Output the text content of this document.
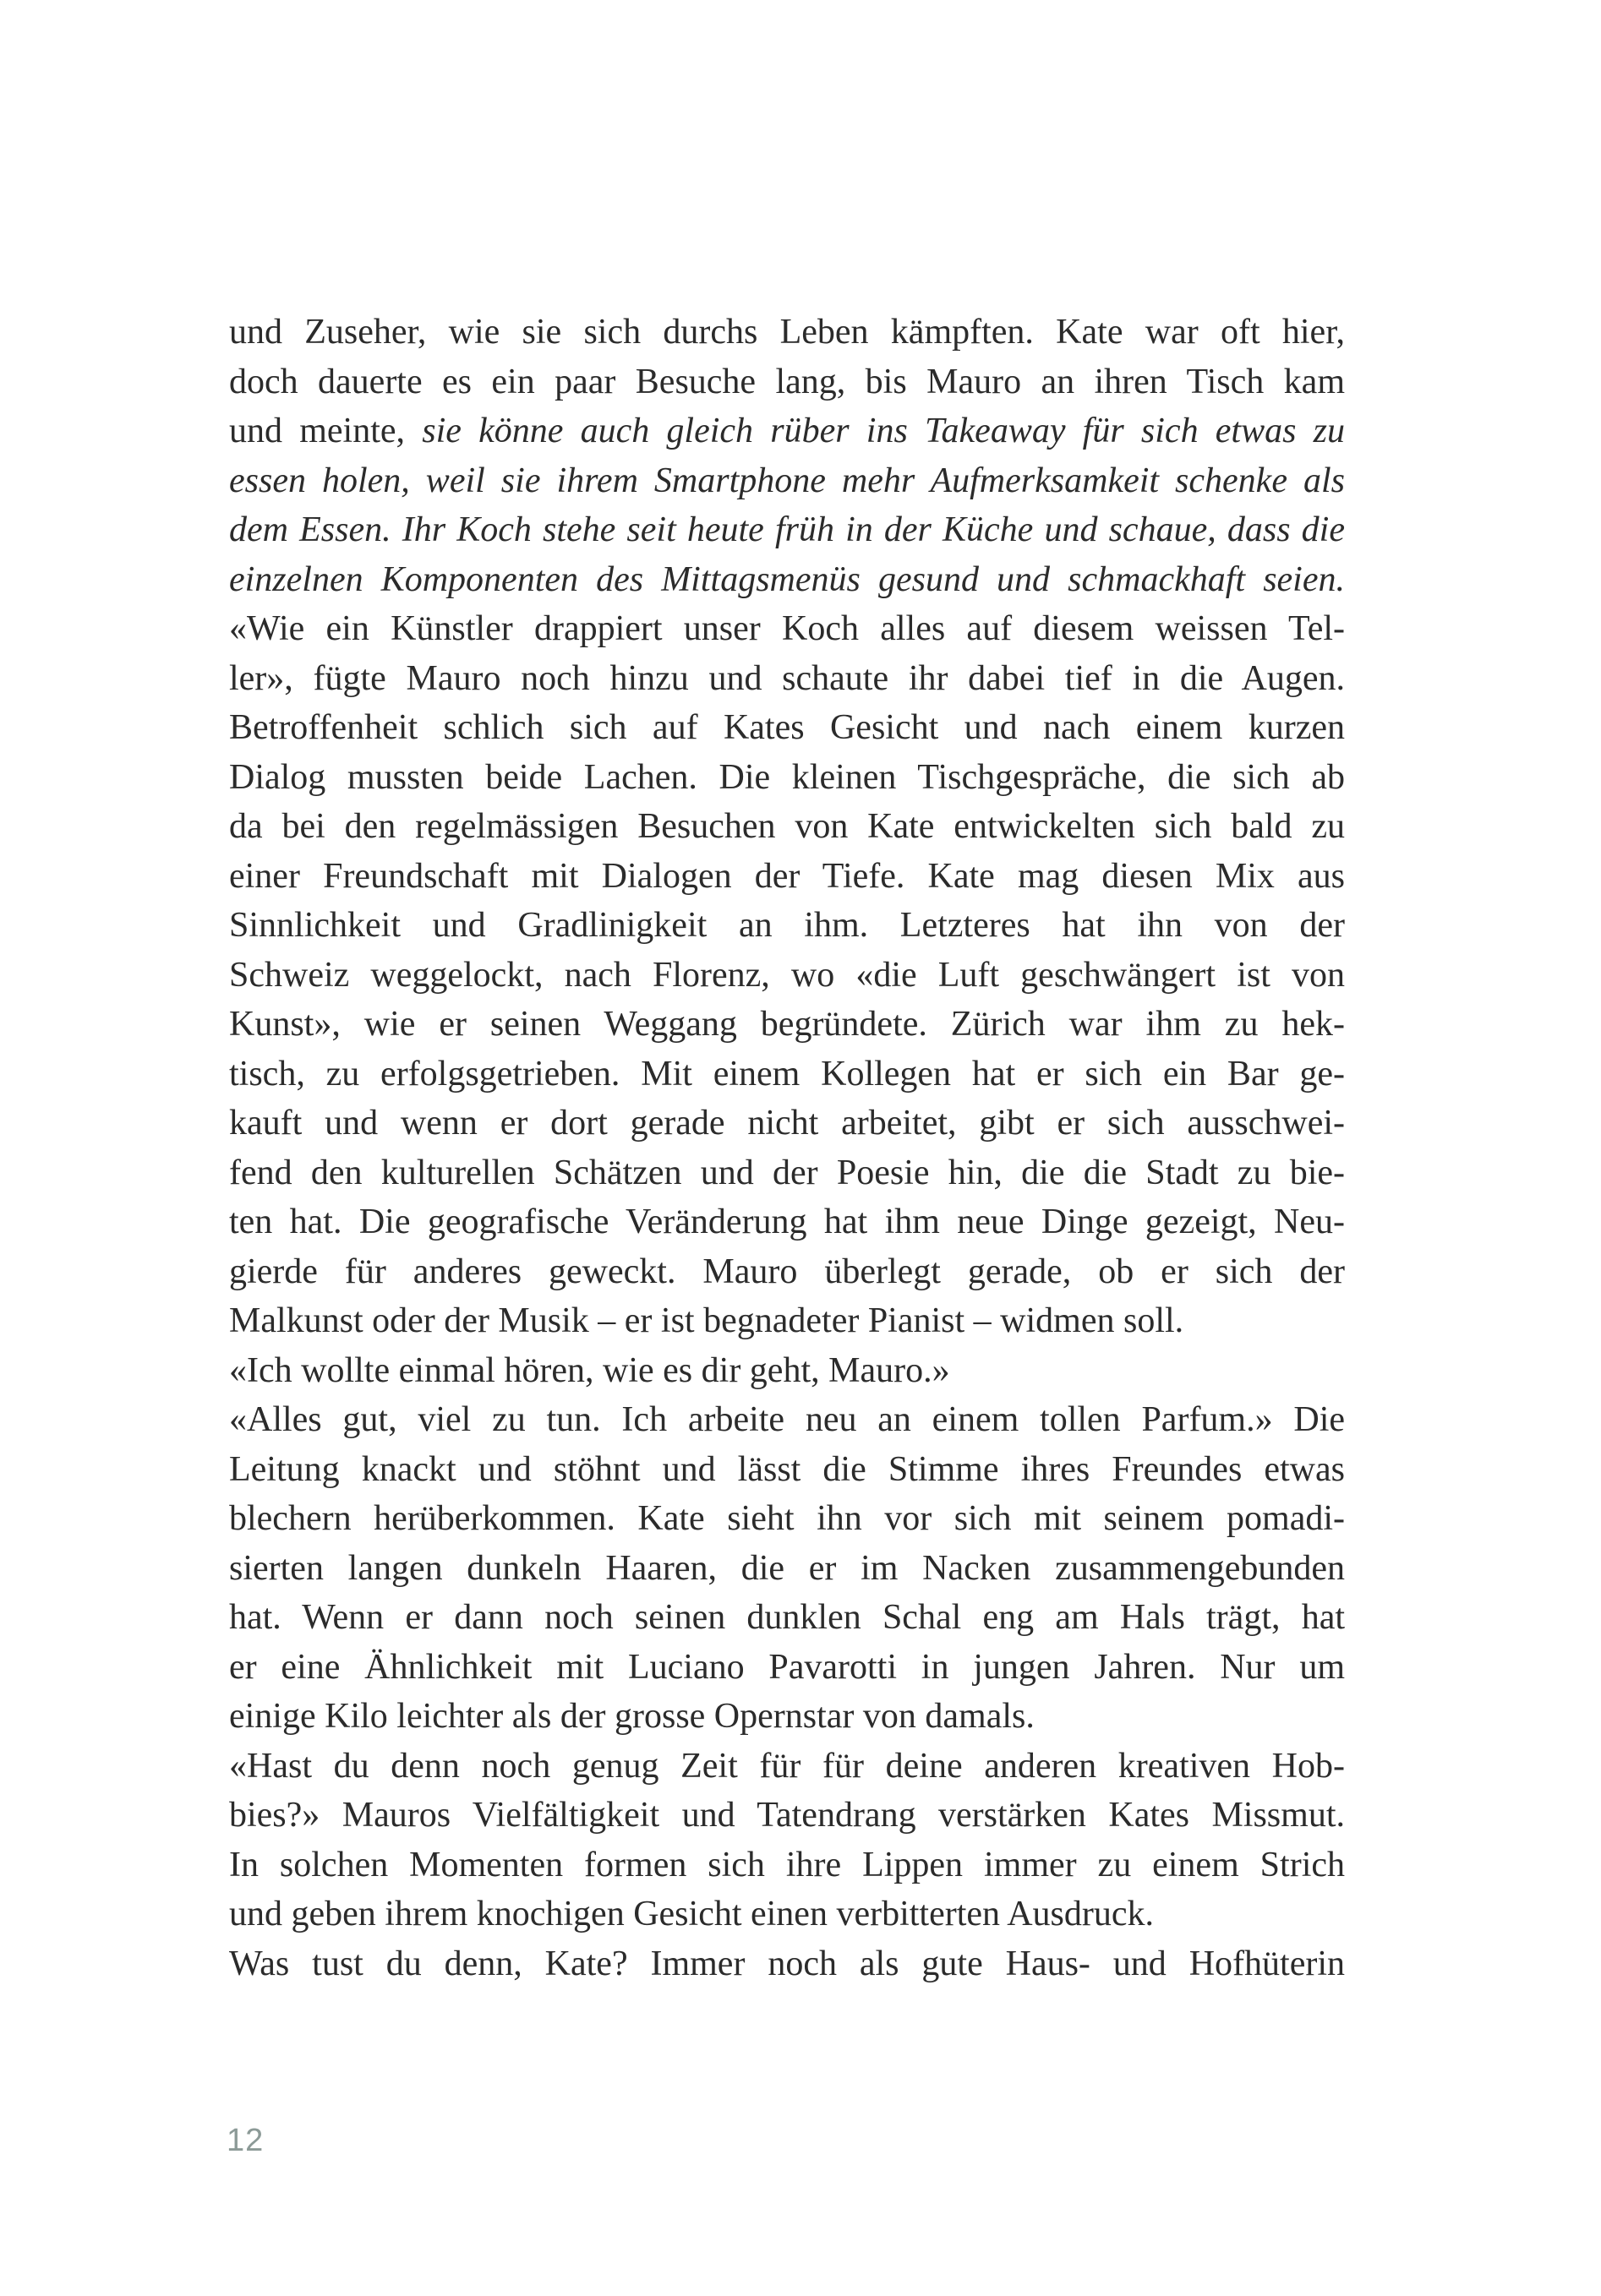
und Zuseher, wie sie sich durchs Leben kämpften. Kate war oft hier,
doch dauerte es ein paar Besuche lang, bis Mauro an ihren Tisch kam
und meinte, sie könne auch gleich rüber ins Takeaway für sich etwas zu
essen holen, weil sie ihrem Smartphone mehr Aufmerksamkeit schenke als
dem Essen. Ihr Koch stehe seit heute früh in der Küche und schaue, dass die
einzelnen Komponenten des Mittagsmenüs gesund und schmackhaft seien.
«Wie ein Künstler drappiert unser Koch alles auf diesem weissen Tel-
ler», fügte Mauro noch hinzu und schaute ihr dabei tief in die Augen.
Betroffenheit schlich sich auf Kates Gesicht und nach einem kurzen
Dialog mussten beide Lachen. Die kleinen Tischgespräche, die sich ab
da bei den regelmässigen Besuchen von Kate entwickelten sich bald zu
einer Freundschaft mit Dialogen der Tiefe. Kate mag diesen Mix aus
Sinnlichkeit und Gradlinigkeit an ihm. Letzteres hat ihn von der
Schweiz weggelockt, nach Florenz, wo «die Luft geschwängert ist von
Kunst», wie er seinen Weggang begründete. Zürich war ihm zu hek-
tisch, zu erfolgsgetrieben. Mit einem Kollegen hat er sich ein Bar ge-
kauft und wenn er dort gerade nicht arbeitet, gibt er sich ausschwei-
fend den kulturellen Schätzen und der Poesie hin, die die Stadt zu bie-
ten hat. Die geografische Veränderung hat ihm neue Dinge gezeigt, Neu-
gierde für anderes geweckt. Mauro überlegt gerade, ob er sich der
Malkunst oder der Musik – er ist begnadeter Pianist – widmen soll.
«Ich wollte einmal hören, wie es dir geht, Mauro.»
«Alles gut, viel zu tun. Ich arbeite neu an einem tollen Parfum.» Die
Leitung knackt und stöhnt und lässt die Stimme ihres Freundes etwas
blechern herüberkommen. Kate sieht ihn vor sich mit seinem pomadi-
sierten langen dunkeln Haaren, die er im Nacken zusammengebunden
hat. Wenn er dann noch seinen dunklen Schal eng am Hals trägt, hat
er eine Ähnlichkeit mit Luciano Pavarotti in jungen Jahren. Nur um
einige Kilo leichter als der grosse Opernstar von damals.
«Hast du denn noch genug Zeit für für deine anderen kreativen Hob-
bies?» Mauros Vielfältigkeit und Tatendrang verstärken Kates Missmut.
In solchen Momenten formen sich ihre Lippen immer zu einem Strich
und geben ihrem knochigen Gesicht einen verbitterten Ausdruck.
Was tust du denn, Kate? Immer noch als gute Haus- und Hofhüterin
12
